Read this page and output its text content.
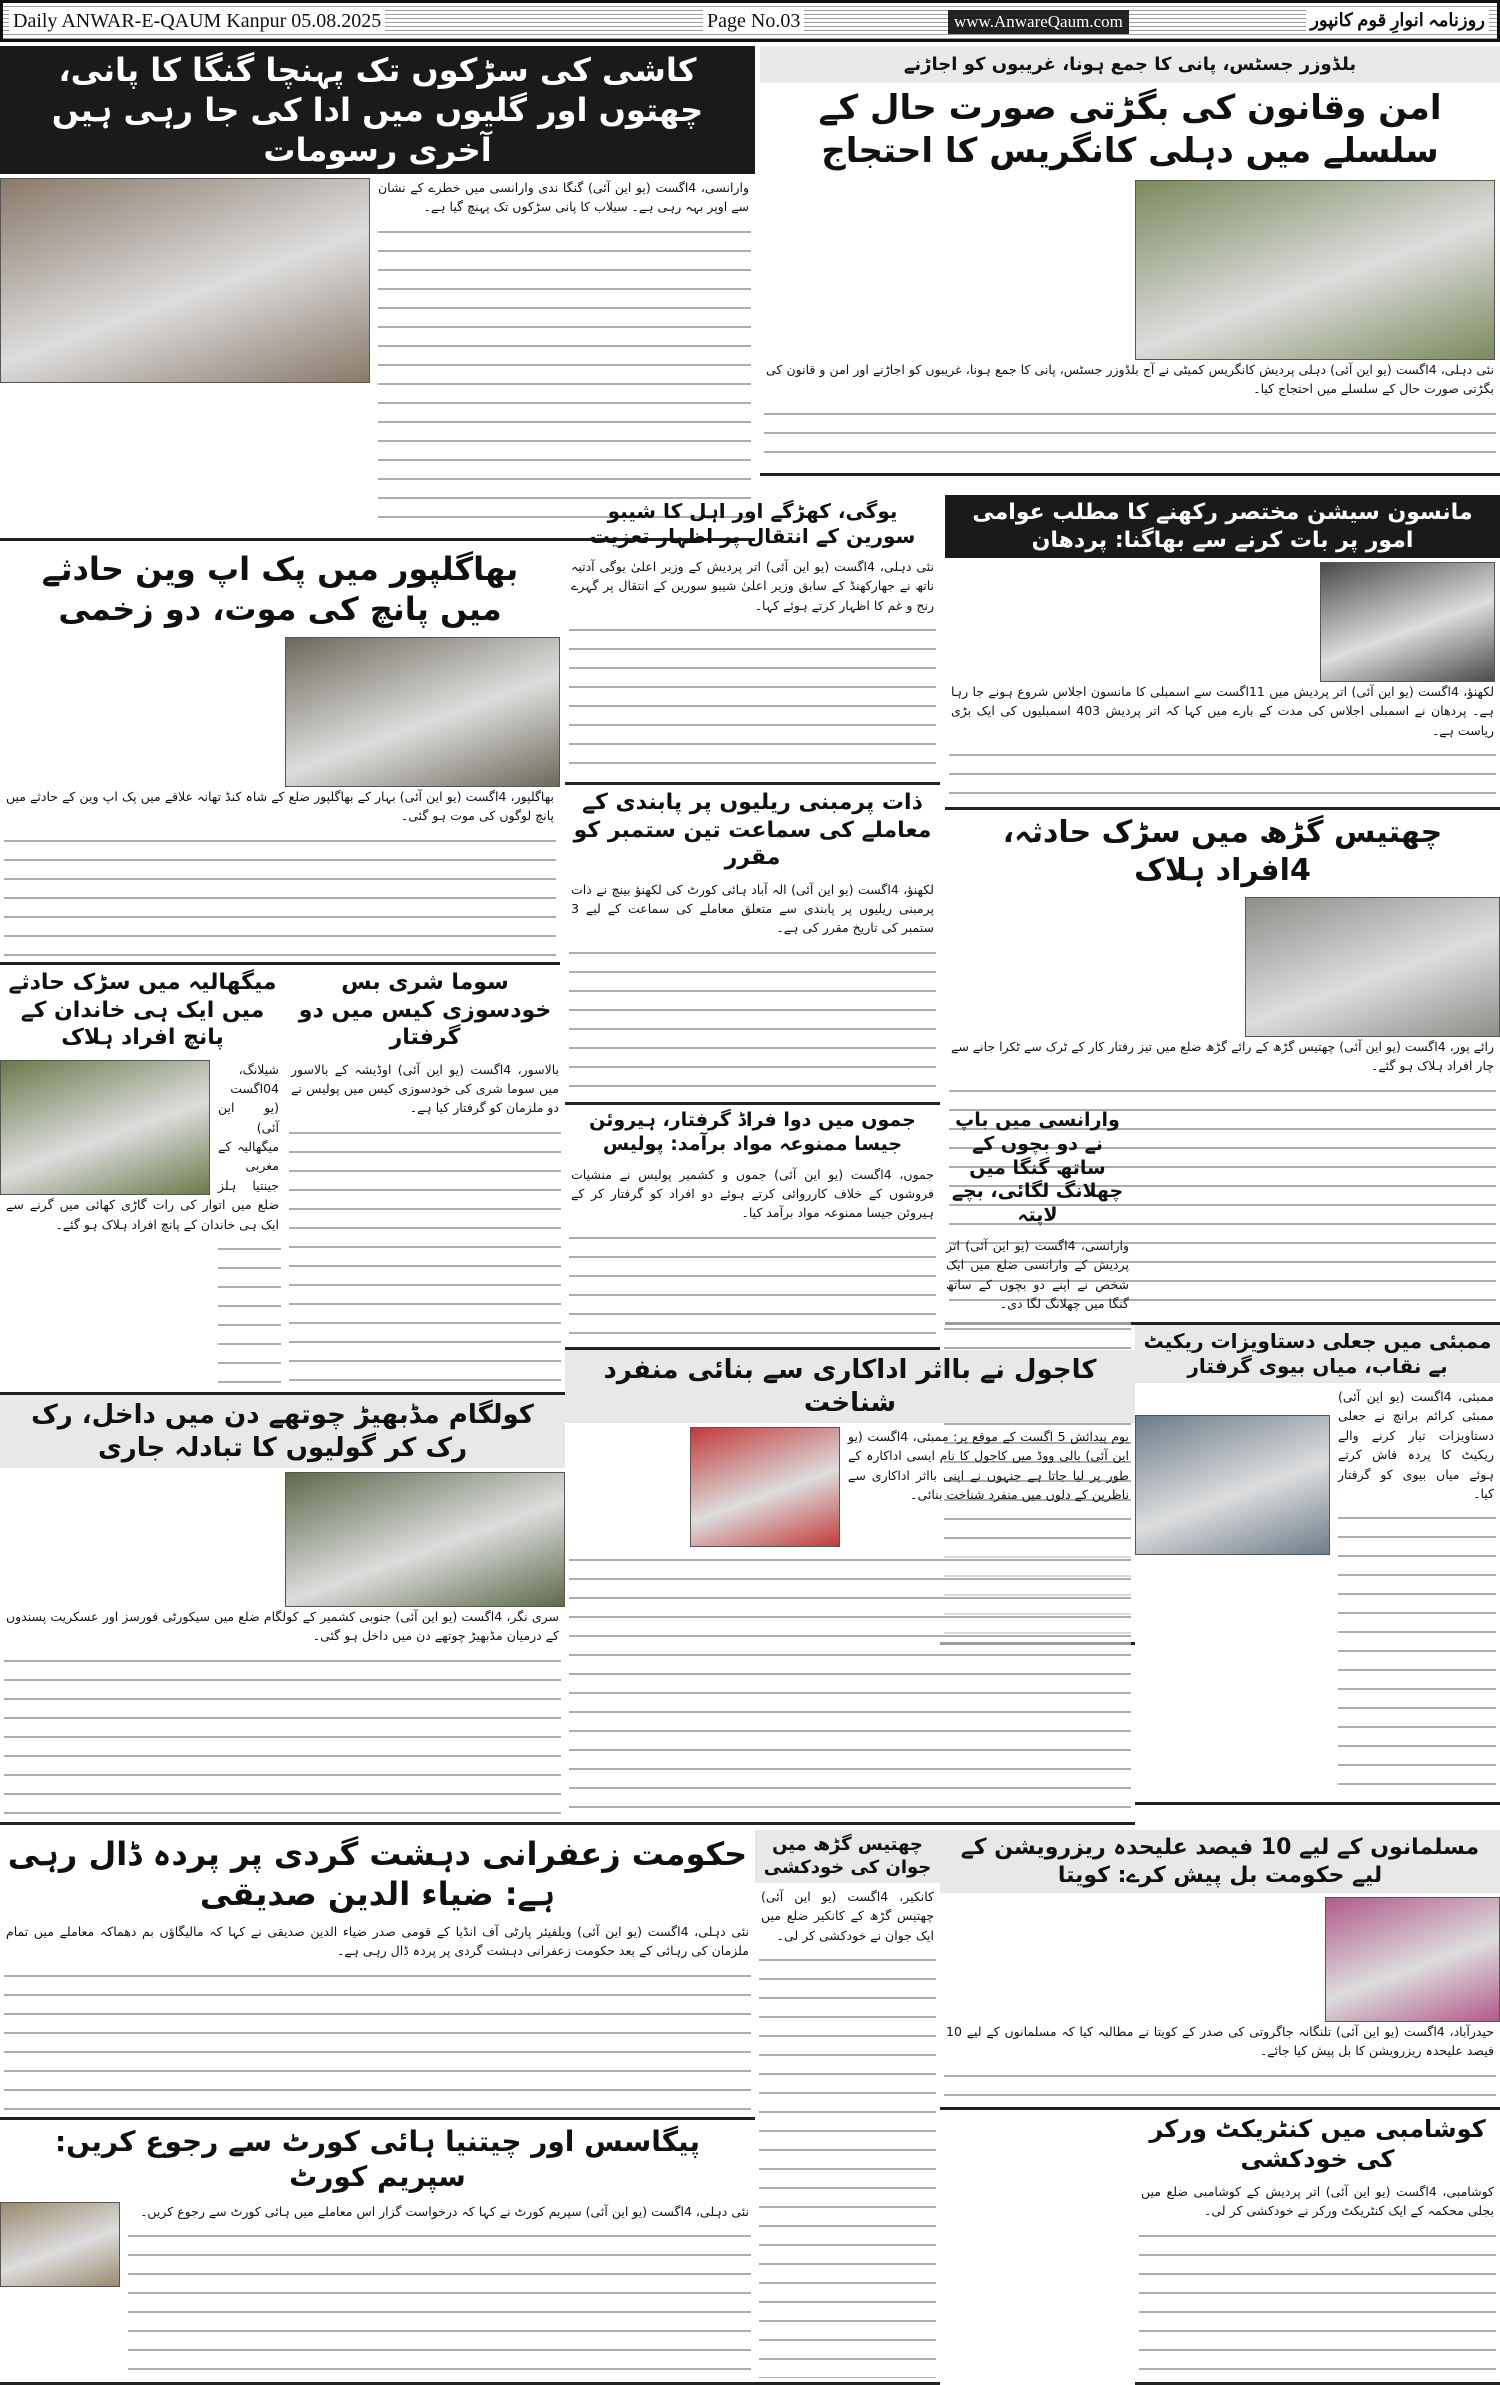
Daily ANWAR-E-QAUM Kanpur 05.08.2025	Page No.03	www.AnwareQaum.com	روزنامہ انوارِ قوم کانپور
بلڈوزر جسٹس، پانی کا جمع ہونا، غریبوں کو اجاڑنے
امن وقانون کی بگڑتی صورت حال کے سلسلے میں دہلی کانگریس کا احتجاج
نئی دہلی، 4اگست (یو این آئی) دہلی پردیش کانگریس کمیٹی نے آج بلڈوزر جسٹس، پانی کا جمع ہونا، غریبوں کو اجاڑنے اور امن و قانون کی بگڑتی صورت حال کے سلسلے میں احتجاج کیا۔
کاشی کی سڑکوں تک پہنچا گنگا کا پانی، چھتوں اور گلیوں میں ادا کی جا رہی ہیں آخری رسومات
وارانسی، 4اگست (یو این آئی) گنگا ندی وارانسی میں خطرے کے نشان سے اوپر بہہ رہی ہے۔ سیلاب کا پانی سڑکوں تک پہنچ گیا ہے۔
یوگی، کھڑگے اور اہل کا شیبو سورین کے انتقال پر اظہار تعزیت
نئی دہلی، 4اگست (یو این آئی) اتر پردیش کے وزیر اعلیٰ یوگی آدتیہ ناتھ نے جھارکھنڈ کے سابق وزیر اعلیٰ شیبو سورین کے انتقال پر گہرے رنج و غم کا اظہار کرتے ہوئے کہا۔
مانسون سیشن مختصر رکھنے کا مطلب عوامی امور پر بات کرنے سے بھاگنا: پردھان
لکھنؤ، 4اگست (یو این آئی) اتر پردیش میں 11اگست سے اسمبلی کا مانسون اجلاس شروع ہونے جا رہا ہے۔ پردھان نے اسمبلی اجلاس کی مدت کے بارے میں کہا کہ اتر پردیش 403 اسمبلیوں کی ایک بڑی ریاست ہے۔
بھاگلپور میں پک اپ وین حادثے میں پانچ کی موت، دو زخمی
بھاگلپور، 4اگست (یو این آئی) بہار کے بھاگلپور ضلع کے شاہ کنڈ تھانہ علاقے میں پک اپ وین کے حادثے میں پانچ لوگوں کی موت ہو گئی۔
ذات پرمبنی ریلیوں پر پابندی کے معاملے کی سماعت تین ستمبر کو مقرر
لکھنؤ، 4اگست (یو این آئی) الہ آباد ہائی کورٹ کی لکھنؤ بینچ نے ذات پرمبنی ریلیوں پر پابندی سے متعلق معاملے کی سماعت کے لیے 3 ستمبر کی تاریخ مقرر کی ہے۔
چھتیس گڑھ میں سڑک حادثہ، 4افراد ہلاک
رائے پور، 4اگست (یو این آئی) چھتیس گڑھ کے رائے گڑھ ضلع میں تیز رفتار کار کے ٹرک سے ٹکرا جانے سے چار افراد ہلاک ہو گئے۔
میگھالیہ میں سڑک حادثے میں ایک ہی خاندان کے پانچ افراد ہلاک
شیلانگ، 04اگست (یو این آئی) میگھالیہ کے مغربی جینتیا ہلز ضلع میں اتوار کی رات گاڑی کھائی میں گرنے سے ایک ہی خاندان کے پانچ افراد ہلاک ہو گئے۔
سوما شری بس خودسوزی کیس میں دو گرفتار
بالاسور، 4اگست (یو این آئی) اوڈیشہ کے بالاسور میں سوما شری کی خودسوزی کیس میں پولیس نے دو ملزمان کو گرفتار کیا ہے۔
جموں میں دوا فراڈ گرفتار، ہیروئن جیسا ممنوعہ مواد برآمد: پولیس
جموں، 4اگست (یو این آئی) جموں و کشمیر پولیس نے منشیات فروشوں کے خلاف کارروائی کرتے ہوئے دو افراد کو گرفتار کر کے ہیروئن جیسا ممنوعہ مواد برآمد کیا۔
وارانسی میں باپ نے دو بچوں کے ساتھ گنگا میں چھلانگ لگائی، بچے لاپتہ
وارانسی، 4اگست (یو این آئی) اتر پردیش کے وارانسی ضلع میں ایک شخص نے اپنے دو بچوں کے ساتھ گنگا میں چھلانگ لگا دی۔
ممبئی میں جعلی دستاویزات ریکیٹ بے نقاب، میاں بیوی گرفتار
ممبئی، 4اگست (یو این آئی) ممبئی کرائم برانچ نے جعلی دستاویزات تیار کرنے والے ریکیٹ کا پردہ فاش کرتے ہوئے میاں بیوی کو گرفتار کیا۔
کاجول نے بااثر اداکاری سے بنائی منفرد شناخت
یوم پیدائش 5 اگست کے موقع پر: ممبئی، 4اگست (یو این آئی) بالی ووڈ میں کاجول کا نام ایسی اداکارہ کے طور پر لیا جاتا ہے جنہوں نے اپنی بااثر اداکاری سے ناظرین کے دلوں میں منفرد شناخت بنائی۔
کولگام مڈبھیڑ چوتھے دن میں داخل، رک رک کر گولیوں کا تبادلہ جاری
سری نگر، 4اگست (یو این آئی) جنوبی کشمیر کے کولگام ضلع میں سیکورٹی فورسز اور عسکریت پسندوں کے درمیان مڈبھیڑ چوتھے دن میں داخل ہو گئی۔
حکومت زعفرانی دہشت گردی پر پردہ ڈال رہی ہے: ضیاء الدین صدیقی
نئی دہلی، 4اگست (یو این آئی) ویلفیئر پارٹی آف انڈیا کے قومی صدر ضیاء الدین صدیقی نے کہا کہ مالیگاؤں بم دھماکہ معاملے میں تمام ملزمان کی رہائی کے بعد حکومت زعفرانی دہشت گردی پر پردہ ڈال رہی ہے۔
چھتیس گڑھ میں جوان کی خودکشی
کانکیر، 4اگست (یو این آئی) چھتیس گڑھ کے کانکیر ضلع میں ایک جوان نے خودکشی کر لی۔
مسلمانوں کے لیے 10 فیصد علیحدہ ریزرویشن کے لیے حکومت بل پیش کرے: کویتا
حیدرآباد، 4اگست (یو این آئی) تلنگانہ جاگروتی کی صدر کے کویتا نے مطالبہ کیا کہ مسلمانوں کے لیے 10 فیصد علیحدہ ریزرویشن کا بل پیش کیا جائے۔
پیگاسس اور چیتنیا ہائی کورٹ سے رجوع کریں: سپریم کورٹ
نئی دہلی، 4اگست (یو این آئی) سپریم کورٹ نے کہا کہ درخواست گزار اس معاملے میں ہائی کورٹ سے رجوع کریں۔
کوشامبی میں کنٹریکٹ ورکر کی خودکشی
کوشامبی، 4اگست (یو این آئی) اتر پردیش کے کوشامبی ضلع میں بجلی محکمہ کے ایک کنٹریکٹ ورکر نے خودکشی کر لی۔
